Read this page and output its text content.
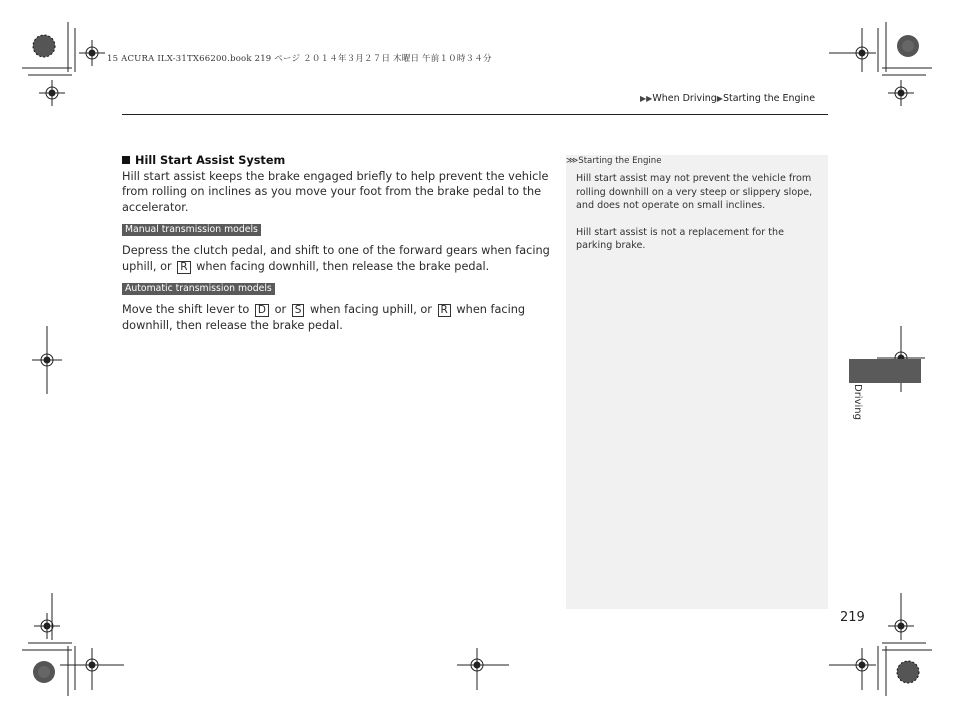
15 ACURA ILX-31TX66200.book 219 ページ ２０１４年３月２７日 木曜日 午前１０時３４分
▶▶When Driving▶Starting the Engine
Hill Start Assist System

Hill start assist keeps the brake engaged briefly to help prevent the vehicle from rolling on inclines as you move your foot from the brake pedal to the accelerator.

Manual transmission models

Depress the clutch pedal, and shift to one of the forward gears when facing uphill, or R when facing downhill, then release the brake pedal.

Automatic transmission models

Move the shift lever to D or S when facing uphill, or R when facing downhill, then release the brake pedal.

⋙Starting the Engine

Hill start assist may not prevent the vehicle from rolling downhill on a very steep or slippery slope, and does not operate on small inclines.

Hill start assist is not a replacement for the parking brake.

Driving
219
